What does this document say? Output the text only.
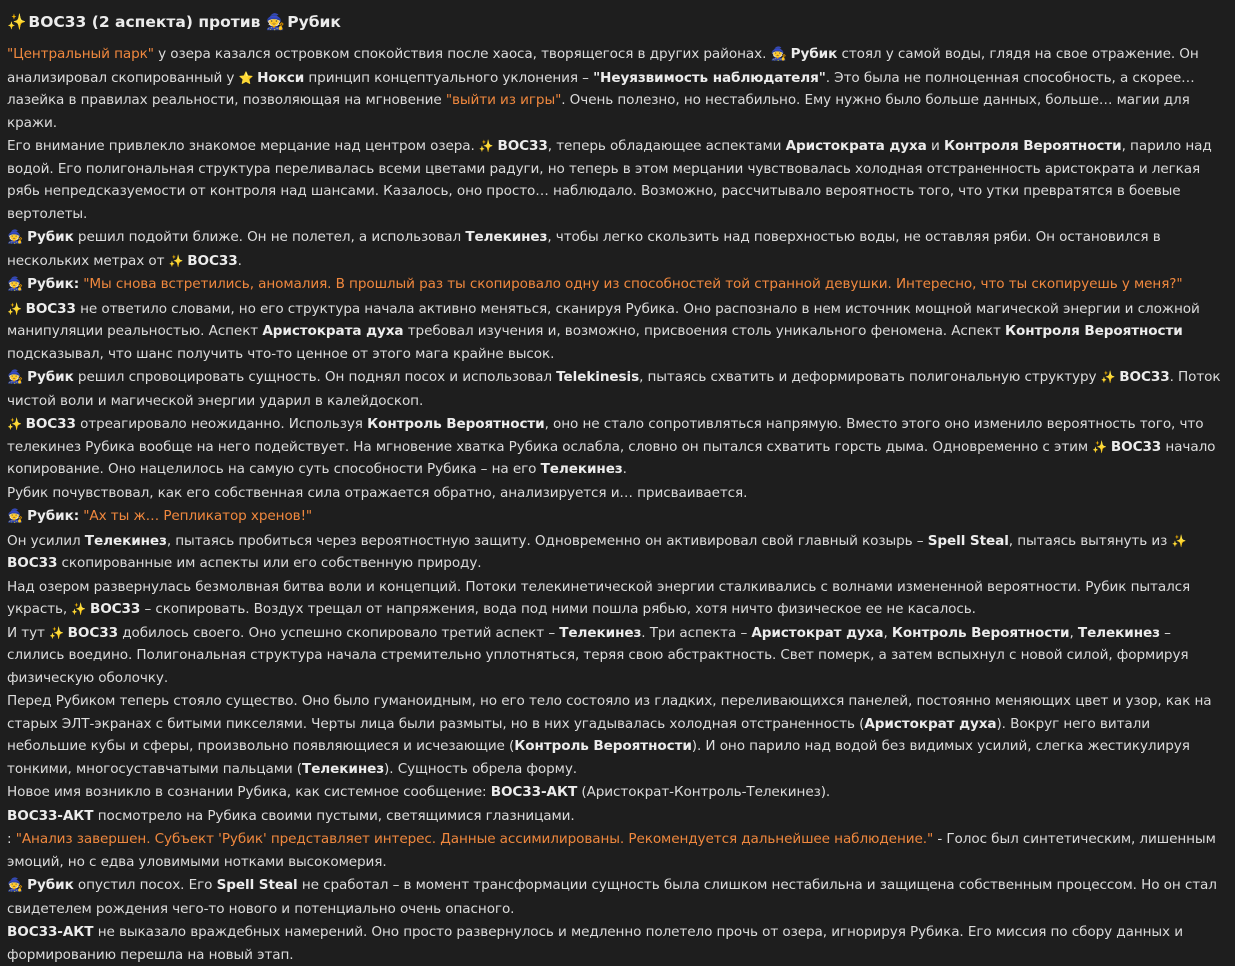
✨ BOC33 (2 аспекта) против 🧙 Рубик
"Центральный парк" у озера казался островком спокойствия после хаоса, творящегося в других районах. 🧙 Рубик стоял у самой воды, глядя на свое отражение. Он анализировал скопированный у ⭐ Нокси принцип концептуального уклонения – "Неуязвимость наблюдателя". Это была не полноценная способность, а скорее… лазейка в правилах реальности, позволяющая на мгновение "выйти из игры". Очень полезно, но нестабильно. Ему нужно было больше данных, больше… магии для кражи.
Его внимание привлекло знакомое мерцание над центром озера. ✨ BOC33, теперь обладающее аспектами Аристократа духа и Контроля Вероятности, парило над водой. Его полигональная структура переливалась всеми цветами радуги, но теперь в этом мерцании чувствовалась холодная отстраненность аристократа и легкая рябь непредсказуемости от контроля над шансами. Казалось, оно просто… наблюдало. Возможно, рассчитывало вероятность того, что утки превратятся в боевые вертолеты.
🧙 Рубик решил подойти ближе. Он не полетел, а использовал Телекинез, чтобы легко скользить над поверхностью воды, не оставляя ряби. Он остановился в нескольких метрах от ✨ BOC33.
🧙 Рубик: "Мы снова встретились, аномалия. В прошлый раз ты скопировало одну из способностей той странной девушки. Интересно, что ты скопируешь у меня?"
✨ BOC33 не ответило словами, но его структура начала активно меняться, сканируя Рубика. Оно распознало в нем источник мощной магической энергии и сложной манипуляции реальностью. Аспект Аристократа духа требовал изучения и, возможно, присвоения столь уникального феномена. Аспект Контроля Вероятности подсказывал, что шанс получить что-то ценное от этого мага крайне высок.
🧙 Рубик решил спровоцировать сущность. Он поднял посох и использовал Telekinesis, пытаясь схватить и деформировать полигональную структуру ✨ BOC33. Поток чистой воли и магической энергии ударил в калейдоскоп.
✨ BOC33 отреагировало неожиданно. Используя Контроль Вероятности, оно не стало сопротивляться напрямую. Вместо этого оно изменило вероятность того, что телекинез Рубика вообще на него подействует. На мгновение хватка Рубика ослабла, словно он пытался схватить горсть дыма. Одновременно с этим ✨ BOC33 начало копирование. Оно нацелилось на самую суть способности Рубика – на его Телекинез.
Рубик почувствовал, как его собственная сила отражается обратно, анализируется и… присваивается.
🧙 Рубик: "Ах ты ж… Репликатор хренов!"
Он усилил Телекинез, пытаясь пробиться через вероятностную защиту. Одновременно он активировал свой главный козырь – Spell Steal, пытаясь вытянуть из ✨ BOC33 скопированные им аспекты или его собственную природу.
Над озером развернулась безмолвная битва воли и концепций. Потоки телекинетической энергии сталкивались с волнами измененной вероятности. Рубик пытался украсть, ✨ BOC33 – скопировать. Воздух трещал от напряжения, вода под ними пошла рябью, хотя ничто физическое ее не касалось.
И тут ✨ BOC33 добилось своего. Оно успешно скопировало третий аспект – Телекинез. Три аспекта – Аристократ духа, Контроль Вероятности, Телекинез – слились воедино. Полигональная структура начала стремительно уплотняться, теряя свою абстрактность. Свет померк, а затем вспыхнул с новой силой, формируя физическую оболочку.
Перед Рубиком теперь стояло существо. Оно было гуманоидным, но его тело состояло из гладких, переливающихся панелей, постоянно меняющих цвет и узор, как на старых ЭЛТ-экранах с битыми пикселями. Черты лица были размыты, но в них угадывалась холодная отстраненность (Аристократ духа). Вокруг него витали небольшие кубы и сферы, произвольно появляющиеся и исчезающие (Контроль Вероятности). И оно парило над водой без видимых усилий, слегка жестикулируя тонкими, многосуставчатыми пальцами (Телекинез). Сущность обрела форму.
Новое имя возникло в сознании Рубика, как системное сообщение: BOC33-АКТ (Аристократ-Контроль-Телекинез).
BOC33-АКТ посмотрело на Рубика своими пустыми, светящимися глазницами.
: "Анализ завершен. Субъект 'Рубик' представляет интерес. Данные ассимилированы. Рекомендуется дальнейшее наблюдение." - Голос был синтетическим, лишенным эмоций, но с едва уловимыми нотками высокомерия.
🧙 Рубик опустил посох. Его Spell Steal не сработал – в момент трансформации сущность была слишком нестабильна и защищена собственным процессом. Но он стал свидетелем рождения чего-то нового и потенциально очень опасного.
BOC33-АКТ не выказало враждебных намерений. Оно просто развернулось и медленно полетело прочь от озера, игнорируя Рубика. Его миссия по сбору данных и формированию перешла на новый этап.
